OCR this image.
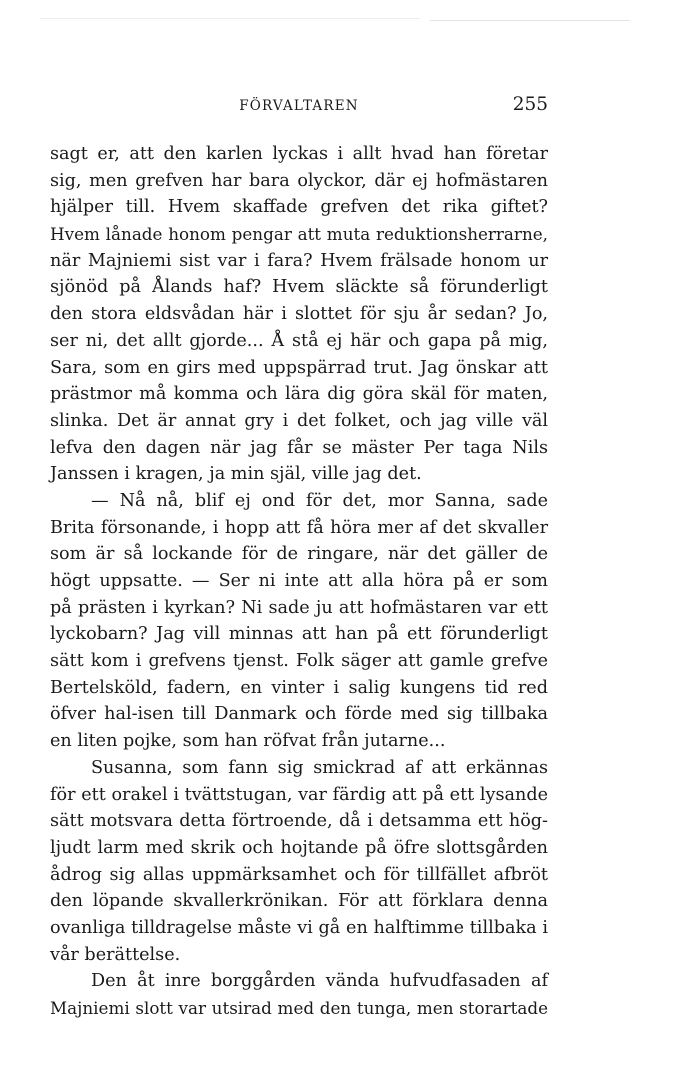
FÖRVALTAREN	255
sagt er, att den karlen lyckas i allt hvad han företar
sig, men grefven har bara olyckor, där ej hofmästaren
hjälper till. Hvem skaffade grefven det rika giftet?
Hvem lånade honom pengar att muta reduktionsherrarne,
när Majniemi sist var i fara? Hvem frälsade honom ur
sjönöd på Ålands haf? Hvem släckte så förunderligt
den stora eldsvådan här i slottet för sju år sedan? Jo,
ser ni, det allt gjorde... Å stå ej här och gapa på mig,
Sara, som en girs med uppspärrad trut. Jag önskar att
prästmor må komma och lära dig göra skäl för maten,
slinka. Det är annat gry i det folket, och jag ville väl
lefva den dagen när jag får se mäster Per taga Nils
Janssen i kragen, ja min själ, ville jag det.
— Nå nå, blif ej ond för det, mor Sanna, sade
Brita försonande, i hopp att få höra mer af det skvaller
som är så lockande för de ringare, när det gäller de
högt uppsatte. — Ser ni inte att alla höra på er som
på prästen i kyrkan? Ni sade ju att hofmästaren var ett
lyckobarn? Jag vill minnas att han på ett förunderligt
sätt kom i grefvens tjenst. Folk säger att gamle grefve
Bertelsköld, fadern, en vinter i salig kungens tid red
öfver hal-isen till Danmark och förde med sig tillbaka
en liten pojke, som han röfvat från jutarne...
Susanna, som fann sig smickrad af att erkännas
för ett orakel i tvättstugan, var färdig att på ett lysande
sätt motsvara detta förtroende, då i detsamma ett hög-
ljudt larm med skrik och hojtande på öfre slottsgården
ådrog sig allas uppmärksamhet och för tillfället afbröt
den löpande skvallerkrönikan. För att förklara denna
ovanliga tilldragelse måste vi gå en halftimme tillbaka i
vår berättelse.
Den åt inre borggården vända hufvudfasaden af
Majniemi slott var utsirad med den tunga, men storartade
